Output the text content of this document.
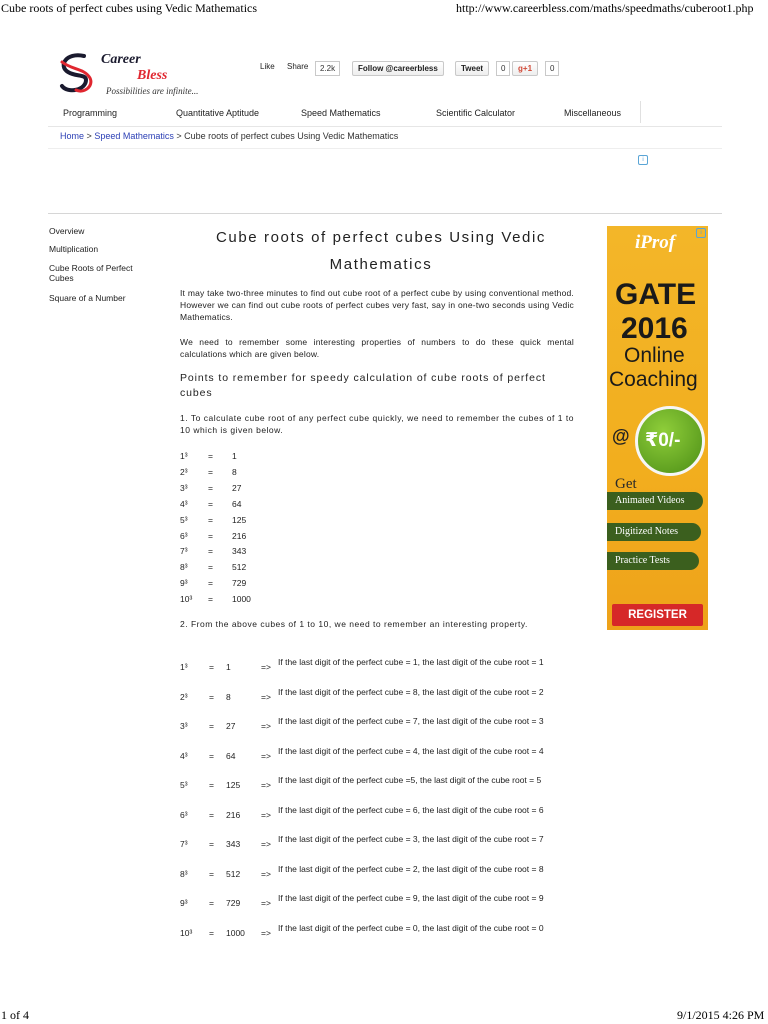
Cube roots of perfect cubes using Vedic Mathematics	http://www.careerbless.com/maths/speedmaths/cuberoot1.php
1 of 4	9/1/2015 4:26 PM
Career
Bless
Possibilities are infinite...
Like Share	2.2k	Follow @careerbless	Tweet	0	g+1	0
Programming	Quantitative Aptitude	Speed Mathematics	Scientific Calculator	Miscellaneous
Home > Speed Mathematics > Cube roots of perfect cubes Using Vedic Mathematics
i
Overview
Multiplication
Cube Roots of Perfect Cubes
Square of a Number
Cube roots of perfect cubes Using Vedic Mathematics
It may take two-three minutes to find out cube root of a perfect cube by using conventional method. However we can find out cube roots of perfect cubes very fast, say in one-two seconds using Vedic Mathematics.
We need to remember some interesting properties of numbers to do these quick mental calculations which are given below.
Points to remember for speedy calculation of cube roots of perfect cubes
1. To calculate cube root of any perfect cube quickly, we need to remember the cubes of 1 to 10 which is given below.
1³ = 1
2³ = 8
3³ = 27
4³ = 64
5³ = 125
6³ = 216
7³ = 343
8³ = 512
9³ = 729
10³ = 1000
2. From the above cubes of 1 to 10, we need to remember an interesting property.
1³	= 1	=> If the last digit of the perfect cube = 1, the last digit of the cube root = 1
2³	= 8	=> If the last digit of the perfect cube = 8, the last digit of the cube root = 2
3³	= 27	=> If the last digit of the perfect cube = 7, the last digit of the cube root = 3
4³	= 64	=> If the last digit of the perfect cube = 4, the last digit of the cube root = 4
5³	= 125 => If the last digit of the perfect cube =5, the last digit of the cube root = 5
6³	= 216 => If the last digit of the perfect cube = 6, the last digit of the cube root = 6
7³	= 343 => If the last digit of the perfect cube = 3, the last digit of the cube root = 7
8³	= 512 => If the last digit of the perfect cube = 2, the last digit of the cube root = 8
9³	= 729 => If the last digit of the perfect cube = 9, the last digit of the cube root = 9
10³ = 1000 => If the last digit of the perfect cube = 0, the last digit of the cube root = 0
i
iProf
GATE
2016
Online
Coaching
@ ₹0/-
Get
Animated Videos
Digitized Notes
Practice Tests
REGISTER FREE
